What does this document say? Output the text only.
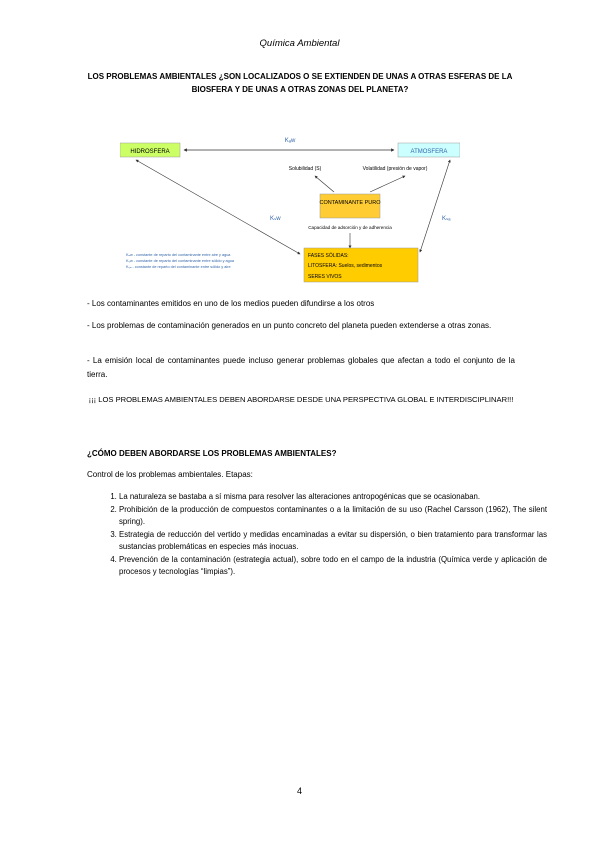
Química Ambiental
LOS PROBLEMAS AMBIENTALES ¿SON LOCALIZADOS O SE EXTIENDEN DE UNAS A OTRAS ESFERAS DE LA BIOSFERA Y DE UNAS A OTRAS ZONAS DEL PLANETA?
HIDROSFERA	ATMOSFERA
Kₐw
CONTAMINANTE PURO
Solubilidad (S)	Volatilidad (presión de vapor)
Capacidad de adsorción y de adherencia
FASES SÓLIDAS:
LITOSFERA: Suelos, sedimentos
SERES VIVOS
Kₛw	Kₛₐ
Kₐw - constante de reparto del contaminante entre aire y agua
Kₛw - constante de reparto del contaminante entre sólido y agua
Kₛₐ - constante de reparto del contaminante entre sólido y aire
- Los contaminantes emitidos en uno de los medios pueden difundirse a los otros
- Los problemas de contaminación generados en un punto concreto del planeta pueden extenderse a otras zonas.
- La emisión local de contaminantes puede incluso generar problemas globales que afectan a todo el conjunto de la tierra.
¡¡¡ LOS PROBLEMAS AMBIENTALES DEBEN ABORDARSE DESDE UNA PERSPECTIVA GLOBAL E INTERDISCIPLINAR!!!
¿CÓMO DEBEN ABORDARSE LOS PROBLEMAS AMBIENTALES?
Control de los problemas ambientales. Etapas:
1. La naturaleza se bastaba a sí misma para resolver las alteraciones antropogénicas que se ocasionaban.
2. Prohibición de la producción de compuestos contaminantes o a la limitación de su uso (Rachel Carsson (1962), The silent spring).
3. Estrategia de reducción del vertido y medidas encaminadas a evitar su dispersión, o bien tratamiento para transformar las sustancias problemáticas en especies más inocuas.
4. Prevención de la contaminación (estrategia actual), sobre todo en el campo de la industria (Química verde y aplicación de procesos y tecnologías “limpias”).
4
